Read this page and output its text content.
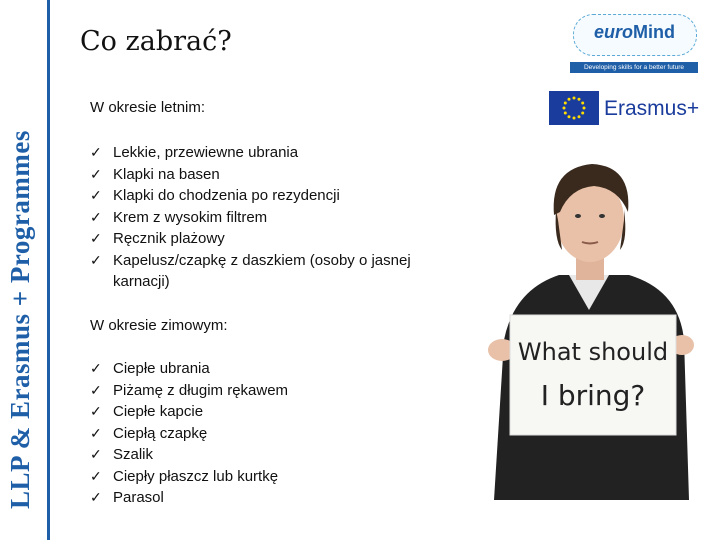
LLP & Erasmus + Programmes
Co zabrać?
W okresie letnim:
✓ Lekkie, przewiewne ubrania
✓ Klapki na basen
✓ Klapki do chodzenia po rezydencji
✓ Krem z wysokim filtrem
✓ Ręcznik plażowy
✓ Kapelusz/czapkę z daszkiem (osoby o jasnej karnacji)
W okresie zimowym:
✓ Ciepłe ubrania
✓ Piżamę z długim rękawem
✓ Ciepłe kapcie
✓ Ciepłą czapkę
✓ Szalik
✓ Ciepły płaszcz lub kurtkę
✓ Parasol
euroMind
Developing skills for a better future
Erasmus+
What should
I bring?
